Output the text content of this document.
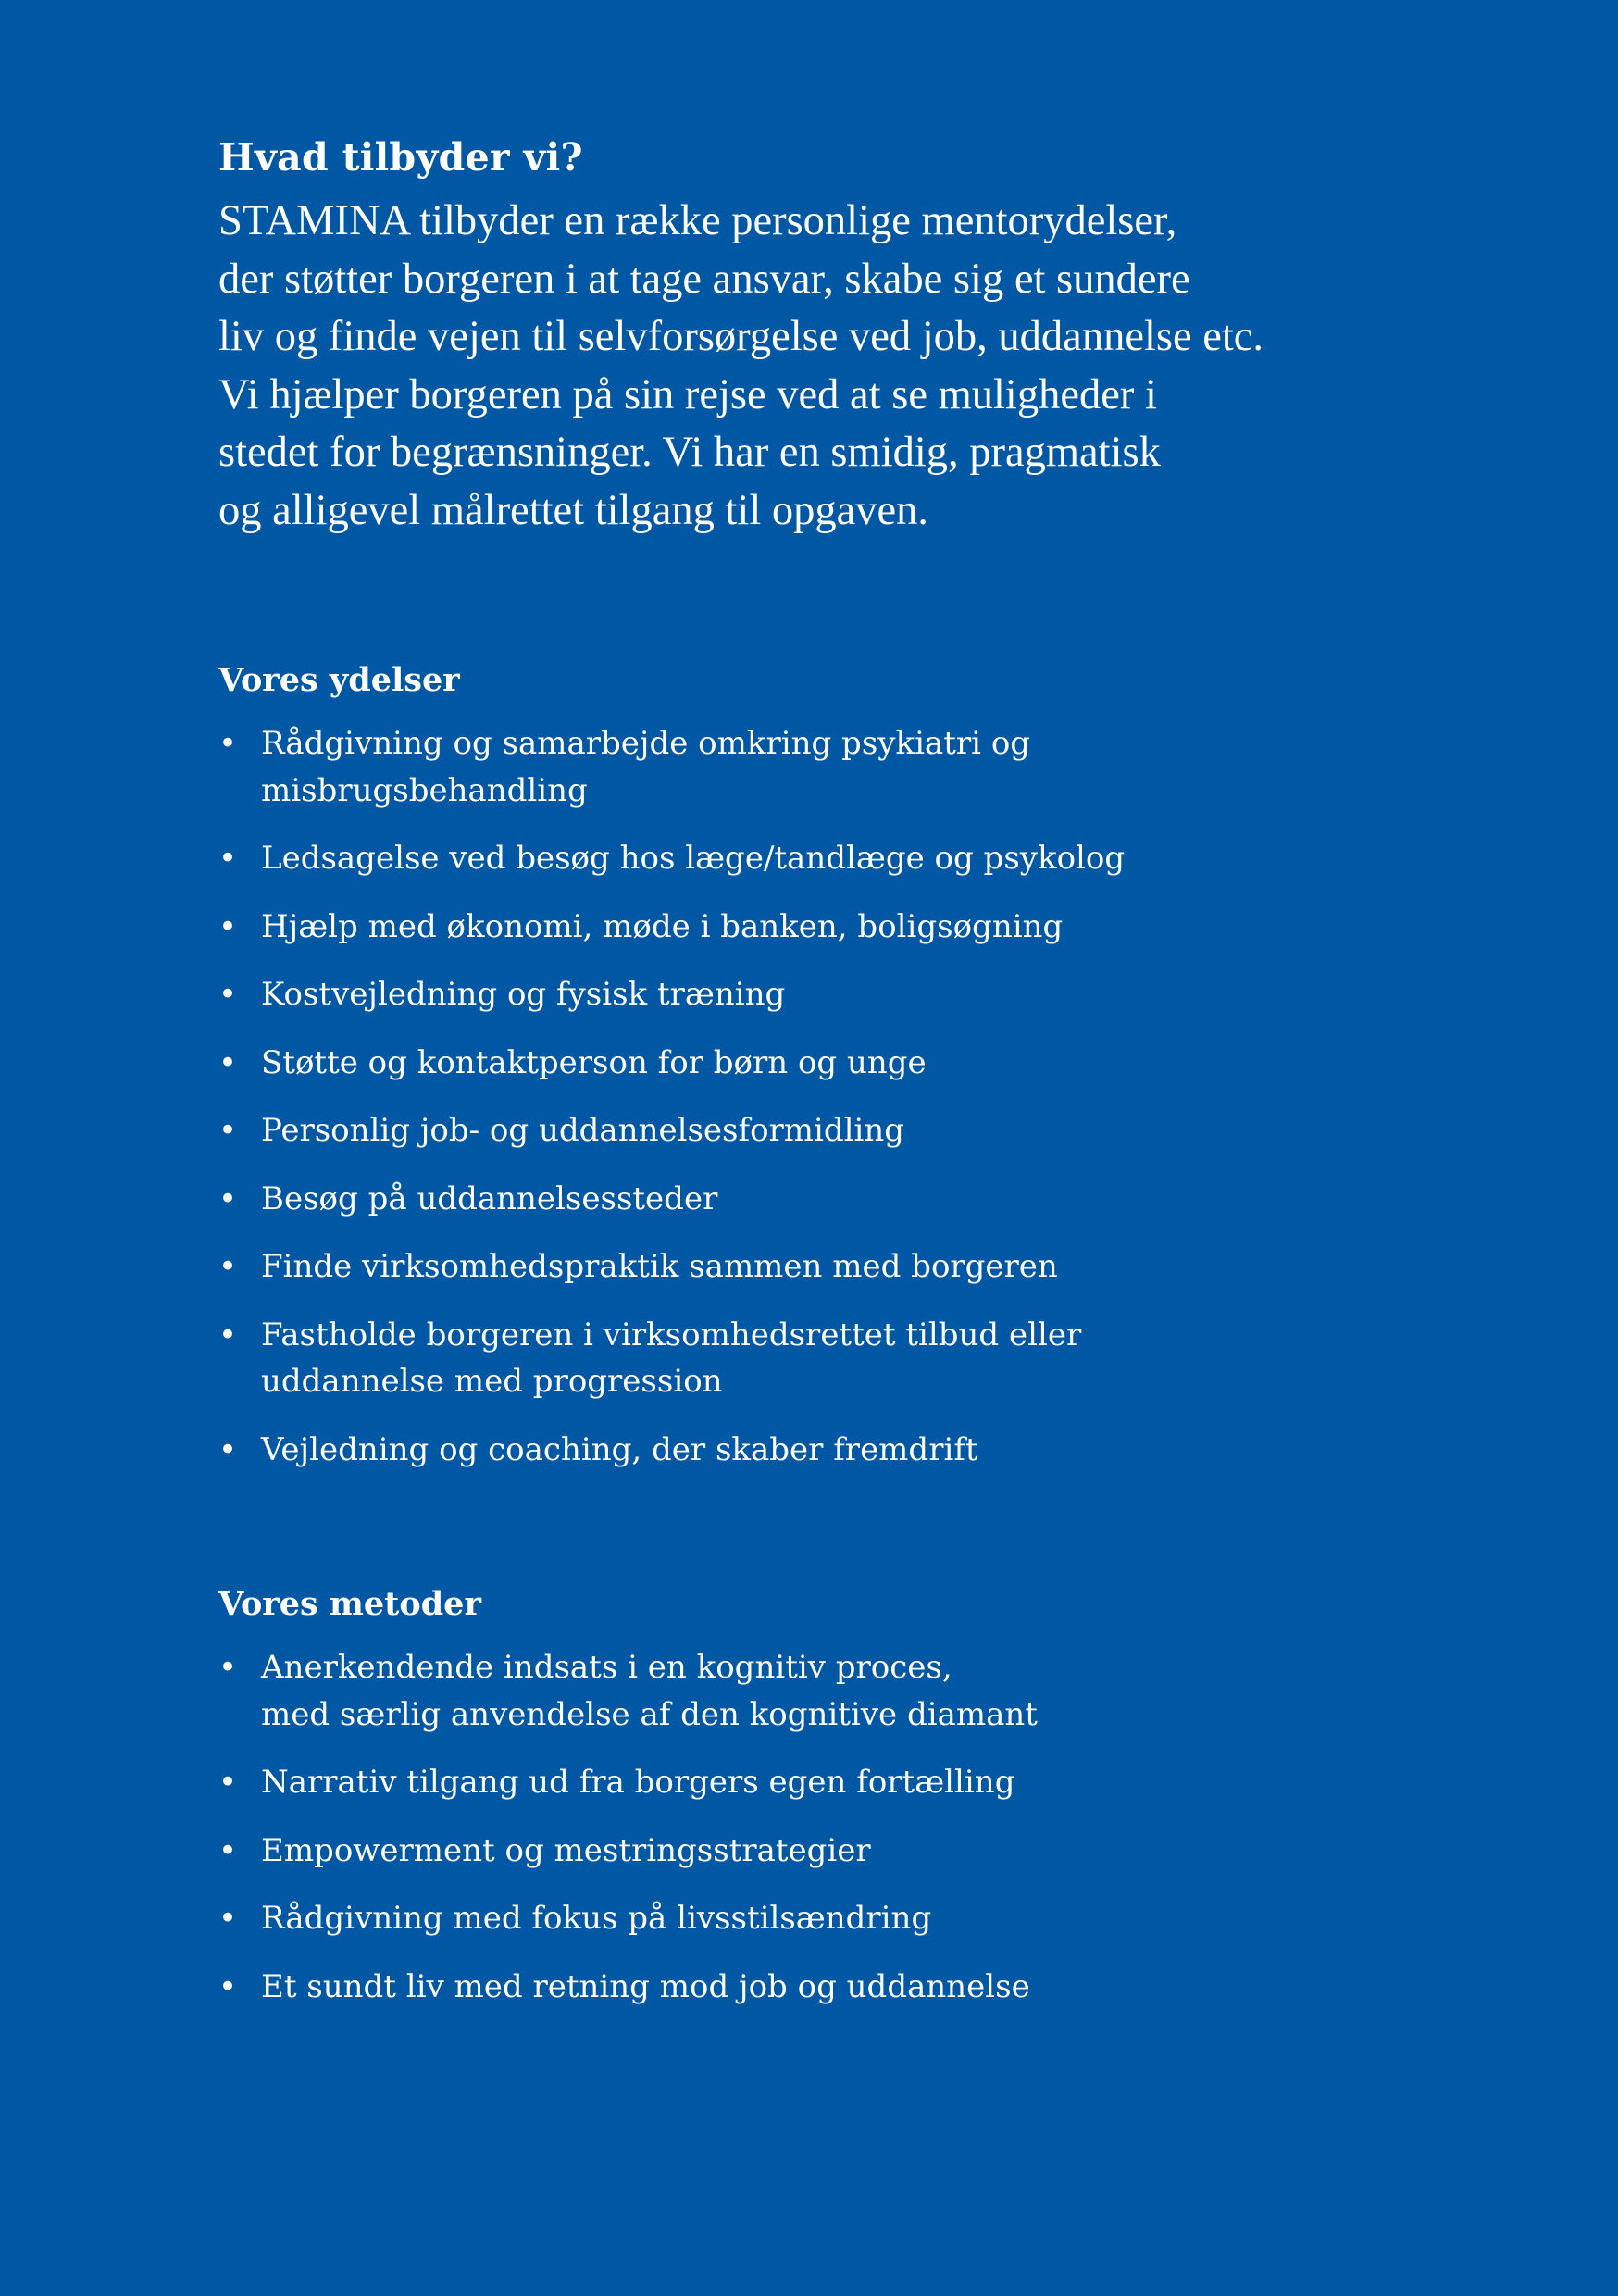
Hvad tilbyder vi?

STAMINA tilbyder en række personlige mentorydelser,
der støtter borgeren i at tage ansvar, skabe sig et sundere
liv og finde vejen til selvforsørgelse ved job, uddannelse etc.
Vi hjælper borgeren på sin rejse ved at se muligheder i
stedet for begrænsninger. Vi har en smidig, pragmatisk
og alligevel målrettet tilgang til opgaven.

Vores ydelser
• Rådgivning og samarbejde omkring psykiatri og
misbrugsbehandling
• Ledsagelse ved besøg hos læge/tandlæge og psykolog
• Hjælp med økonomi, møde i banken, boligsøgning
• Kostvejledning og fysisk træning
• Støtte og kontaktperson for børn og unge
• Personlig job- og uddannelsesformidling
• Besøg på uddannelsessteder
• Finde virksomhedspraktik sammen med borgeren
• Fastholde borgeren i virksomhedsrettet tilbud eller
uddannelse med progression
• Vejledning og coaching, der skaber fremdrift
Vores metoder
• Anerkendende indsats i en kognitiv proces,
med særlig anvendelse af den kognitive diamant
• Narrativ tilgang ud fra borgers egen fortælling
• Empowerment og mestringsstrategier
• Rådgivning med fokus på livsstilsændring
• Et sundt liv med retning mod job og uddannelse
